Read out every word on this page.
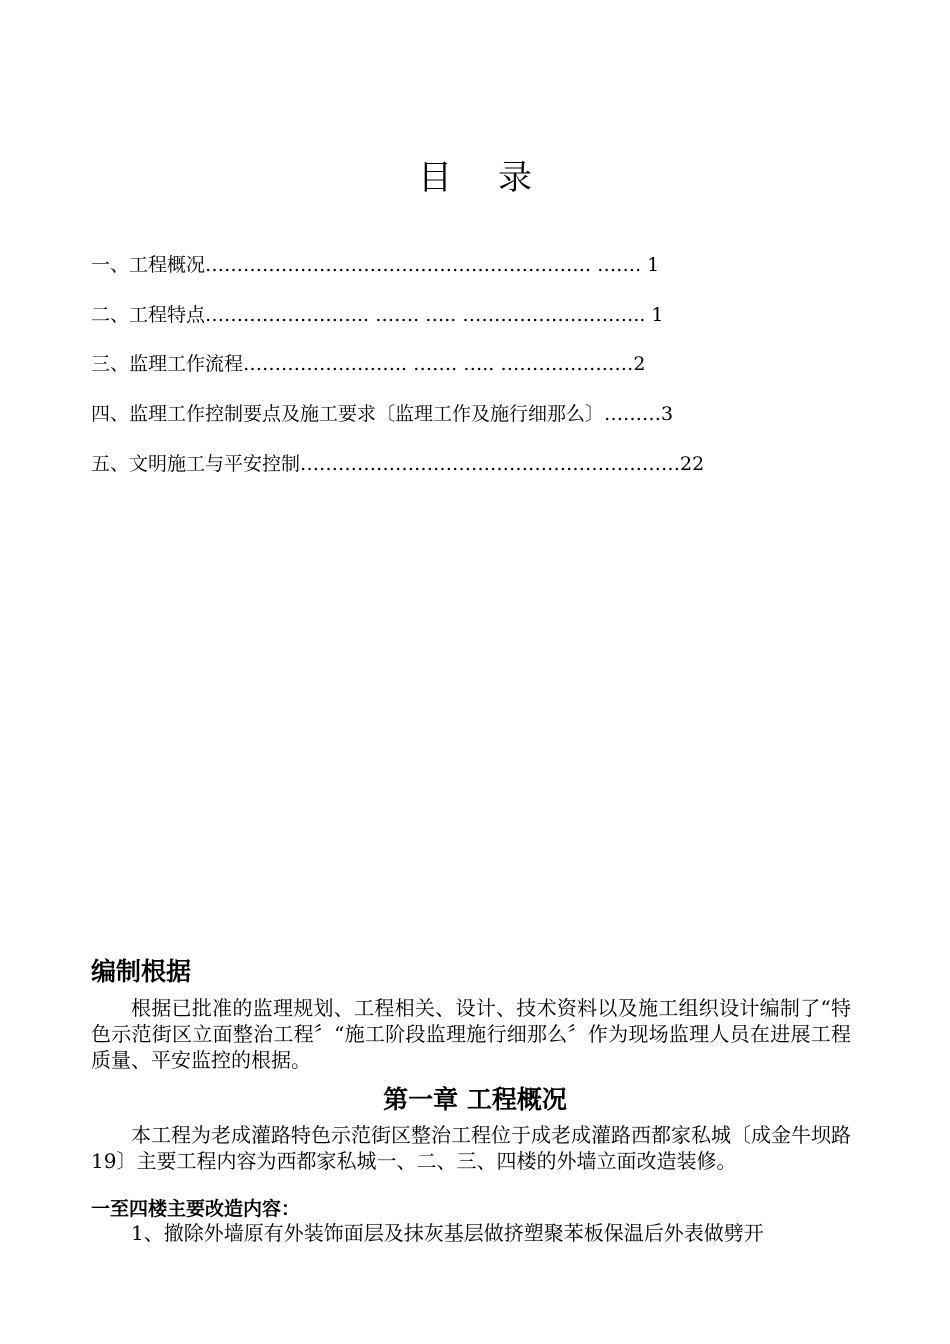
目录
一、工程概况……………………………………………………. ……. 1
二、工程特点…………………….. ……. ….. ……………………….. 1
三、监理工作流程…………………….. ……. ….. …………………2
四、监理工作控制要点及施工要求〔监理工作及施行细那么〕………3
五、文明施工与平安控制……………………………………………………22
编制根据
根据已批准的监理规划、工程相关、设计、技术资料以及施工组织设计编制了“特色示范街区立面整治工程〞“施工阶段监理施行细那么〞作为现场监理人员在进展工程质量、平安监控的根据。
第一章 工程概况
本工程为老成灌路特色示范街区整治工程位于成老成灌路西都家私城〔成金牛坝路19〕主要工程内容为西都家私城一、二、三、四楼的外墙立面改造装修。
一至四楼主要改造内容：
1、撤除外墙原有外装饰面层及抹灰基层做挤塑聚苯板保温后外表做劈开
